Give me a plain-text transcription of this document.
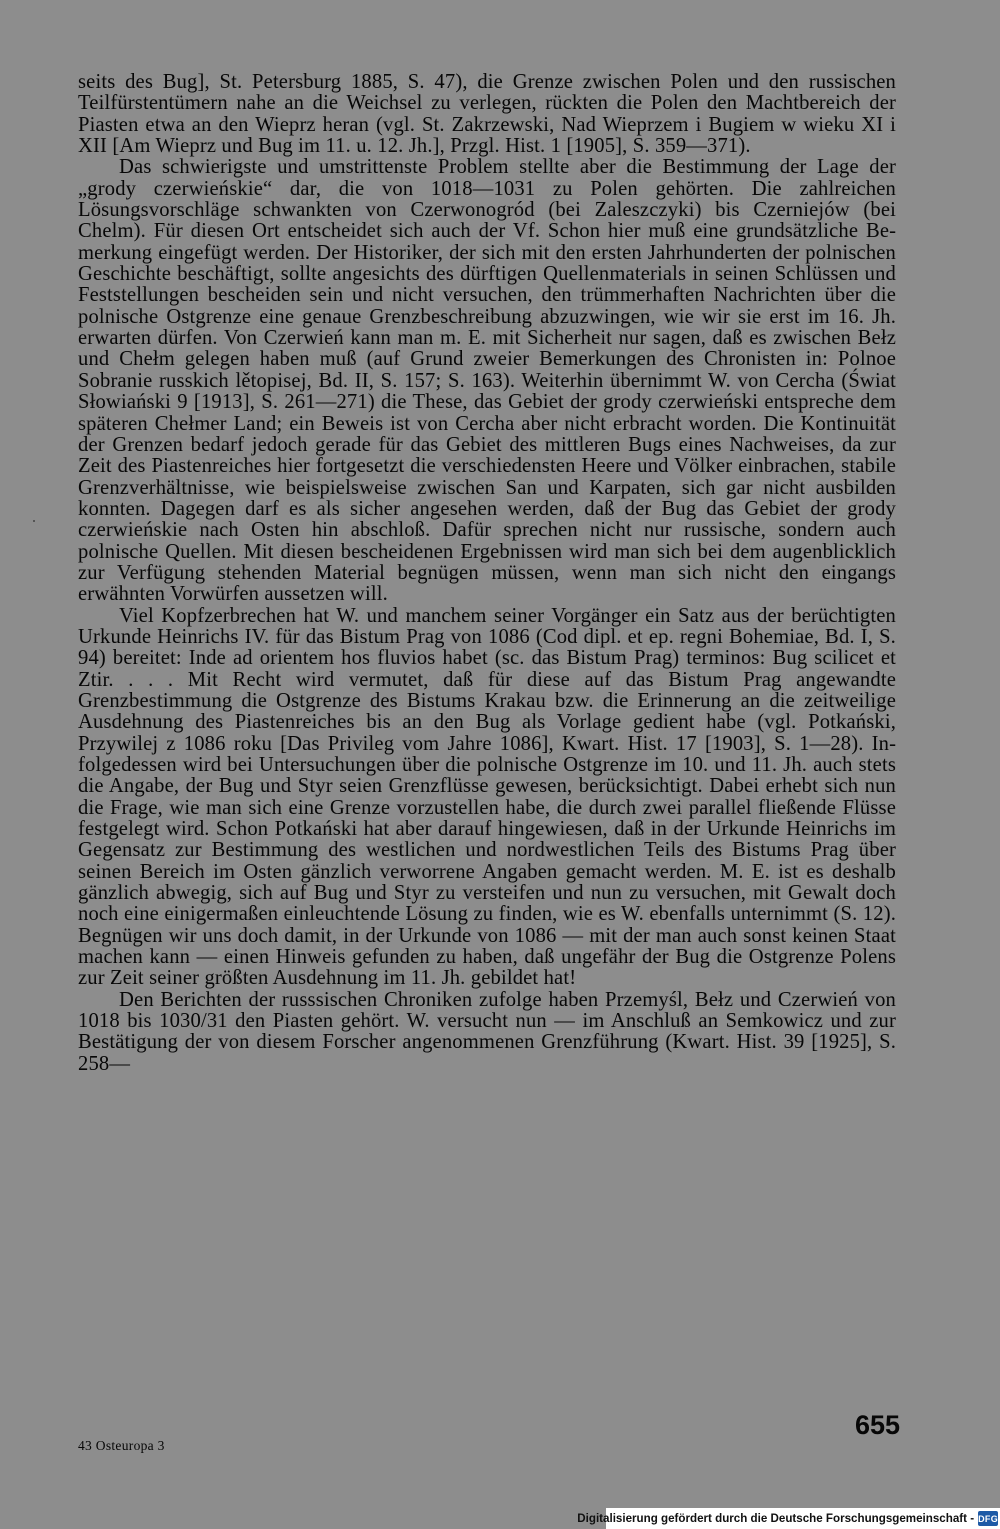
seits des Bug], St. Petersburg 1885, S. 47), die Grenze zwischen Polen und den russischen Teilfürstentümern nahe an die Weichsel zu verlegen, rückten die Polen den Machtbereich der Piasten etwa an den Wieprz heran (vgl. St. Zakrzewski, Nad Wieprzem i Bugiem w wieku XI i XII [Am Wieprz und Bug im 11. u. 12. Jh.], Przgl. Hist. 1 [1905], S. 359—371).

Das schwierigste und umstrittenste Problem stellte aber die Bestimmung der Lage der „grody czerwieńskie“ dar, die von 1018—1031 zu Polen gehörten. Die zahlreichen Lösungsvorschläge schwankten von Czerwonogród (bei Zaleszczyki) bis Czerniejów (bei Chelm). Für diesen Ort entscheidet sich auch der Vf. Schon hier muß eine grundsätzliche Bemerkung eingefügt werden. Der Historiker, der sich mit den ersten Jahrhunderten der polnischen Geschichte beschäftigt, sollte angesichts des dürftigen Quellenmaterials in seinen Schlüssen und Feststellungen bescheiden sein und nicht versuchen, den trümmerhaften Nachrichten über die polnische Ostgrenze eine genaue Grenzbeschreibung abzuzwingen, wie wir sie erst im 16. Jh. erwarten dürfen. Von Czerwień kann man m. E. mit Sicherheit nur sagen, daß es zwischen Bełz und Chełm gelegen haben muß (auf Grund zweier Bemerkungen des Chronisten in: Polnoe Sobranie russkich lětopisej, Bd. II, S. 157; S. 163). Weiterhin übernimmt W. von Cercha (Świat Słowiański 9 [1913], S. 261—271) die These, das Gebiet der grody czerwieński entspreche dem späteren Chełmer Land; ein Beweis ist von Cercha aber nicht erbracht worden. Die Kontinuität der Grenzen bedarf jedoch gerade für das Gebiet des mittleren Bugs eines Nachweises, da zur Zeit des Piastenreiches hier fortgesetzt die verschiedensten Heere und Völker einbrachen, stabile Grenzverhältnisse, wie beispielsweise zwischen San und Karpaten, sich gar nicht ausbilden konnten. Dagegen darf es als sicher angesehen werden, daß der Bug das Gebiet der grody czerwieńskie nach Osten hin abschloß. Dafür sprechen nicht nur russische, sondern auch polnische Quellen. Mit diesen bescheidenen Ergebnissen wird man sich bei dem augenblicklich zur Verfügung stehenden Material begnügen müssen, wenn man sich nicht den eingangs erwähnten Vorwürfen aussetzen will.

Viel Kopfzerbrechen hat W. und manchem seiner Vorgänger ein Satz aus der berüchtigten Urkunde Heinrichs IV. für das Bistum Prag von 1086 (Cod dipl. et ep. regni Bohemiae, Bd. I, S. 94) bereitet: Inde ad orientem hos fluvios habet (sc. das Bistum Prag) terminos: Bug scilicet et Ztir. . . . Mit Recht wird vermutet, daß für diese auf das Bistum Prag angewandte Grenzbestimmung die Ostgrenze des Bistums Krakau bzw. die Erinnerung an die zeitweilige Ausdehnung des Piastenreiches bis an den Bug als Vorlage gedient habe (vgl. Potkański, Przywilej z 1086 roku [Das Privileg vom Jahre 1086], Kwart. Hist. 17 [1903], S. 1—28). Infolgedessen wird bei Untersuchungen über die polnische Ostgrenze im 10. und 11. Jh. auch stets die Angabe, der Bug und Styr seien Grenzflüsse gewesen, berücksichtigt. Dabei erhebt sich nun die Frage, wie man sich eine Grenze vorzustellen habe, die durch zwei parallel fließende Flüsse festgelegt wird. Schon Potkański hat aber darauf hingewiesen, daß in der Urkunde Heinrichs im Gegensatz zur Bestimmung des westlichen und nordwestlichen Teils des Bistums Prag über seinen Bereich im Osten gänzlich verworrene Angaben gemacht werden. M. E. ist es deshalb gänzlich abwegig, sich auf Bug und Styr zu versteifen und nun zu versuchen, mit Gewalt doch noch eine einigermaßen einleuchtende Lösung zu finden, wie es W. ebenfalls unternimmt (S. 12). Begnügen wir uns doch damit, in der Urkunde von 1086 — mit der man auch sonst keinen Staat machen kann — einen Hinweis gefunden zu haben, daß ungefähr der Bug die Ostgrenze Polens zur Zeit seiner größten Ausdehnung im 11. Jh. gebildet hat!

Den Berichten der russsischen Chroniken zufolge haben Przemyśl, Bełz und Czerwień von 1018 bis 1030/31 den Piasten gehört. W. versucht nun — im Anschluß an Semkowicz und zur Bestätigung der von diesem Forscher angenommenen Grenzführung (Kwart. Hist. 39 [1925], S. 258—

43 Osteuropa 3
655
Digitalisierung gefördert durch die Deutsche Forschungsgemeinschaft - DFG
